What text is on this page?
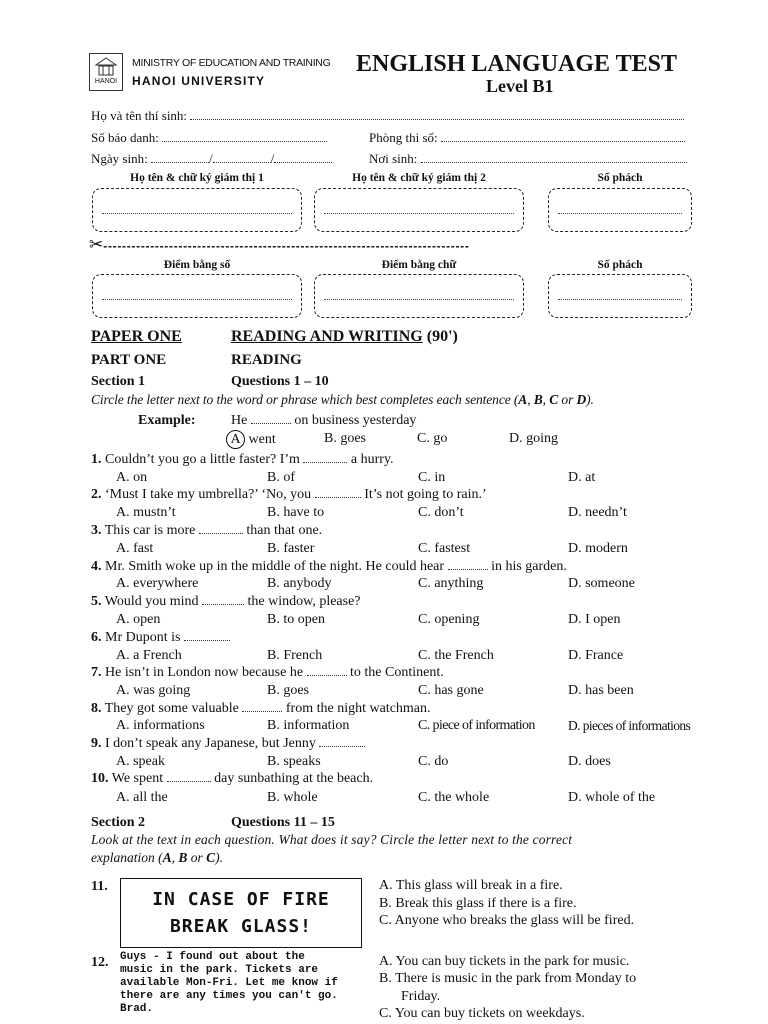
HANOI
MINISTRY OF EDUCATION AND TRAINING
HANOI UNIVERSITY
ENGLISH LANGUAGE TEST
Level B1
Họ và tên thí sinh:
Số báo danh:	Phòng thi số:
Ngày sinh:	/	/	Nơi sinh:
Họ tên & chữ ký giám thị 1	Họ tên & chữ ký giám thị 2	Số phách
✂------------------------------------------------------------------------------
Điểm bằng số	Điểm bằng chữ	Số phách
PAPER ONE	READING AND WRITING (90')
PART ONE	READING
Section 1	Questions 1 – 10
Circle the letter next to the word or phrase which best completes each sentence (A, B, C or D).
Example:	He	on business yesterday
A went	B. goes	C. go	D. going
1. Couldn’t you go a little faster? I’m	a hurry.
A. on	B. of	C. in	D. at
2. ‘Must I take my umbrella?’ ‘No, you	It’s not going to rain.’
A. mustn’t	B. have to	C. don’t	D. needn’t
3. This car is more	than that one.
A. fast	B. faster	C. fastest	D. modern
4. Mr. Smith woke up in the middle of the night. He could hear	in his garden.
A. everywhere	B. anybody	C. anything	D. someone
5. Would you mind	the window, please?
A. open	B. to open	C. opening	D. I open
6. Mr Dupont is
A. a French	B. French	C. the French	D. France
7. He isn’t in London now because he	to the Continent.
A. was going	B. goes	C. has gone	D. has been
8. They got some valuable	from the night watchman.
A. informations	B. information	C. piece of information D. pieces of informations
9. I don’t speak any Japanese, but Jenny
A. speak	B. speaks	C. do	D. does
10. We spent	day sunbathing at the beach.
A. all the	B. whole	C. the whole	D. whole of the
Section 2	Questions 11 – 15
Look at the text in each question. What does it say? Circle the letter next to the correct
explanation (A, B or C).
11.
IN CASE OF FIRE
BREAK GLASS!
A. This glass will break in a fire.
B. Break this glass if there is a fire.
C. Anyone who breaks the glass will be fired.
12. Guys - I found out about the
music in the park. Tickets are
available Mon-Fri. Let me know if
there are any times you can't go.
Brad.
A. You can buy tickets in the park for music.
B. There is music in the park from Monday to
Friday.
C. You can buy tickets on weekdays.
